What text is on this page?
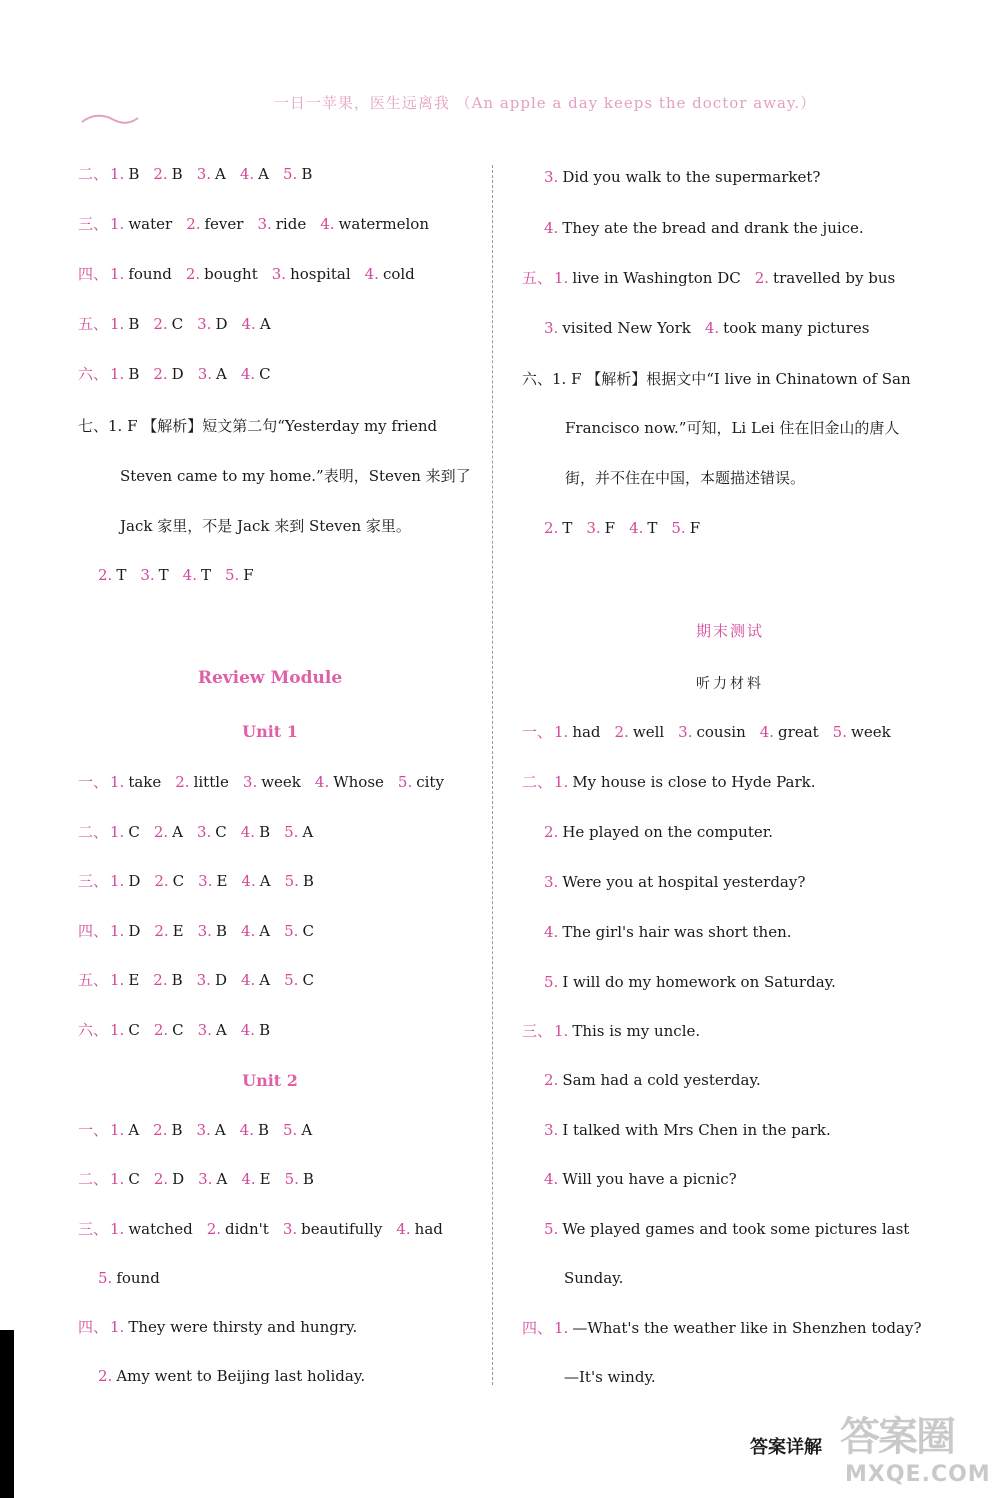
一日一苹果，医生远离我 （An apple a day keeps the doctor away.）
二、 1. B 2. B 3. A 4. A 5. B
三、 1. water 2. fever 3. ride 4. watermelon
四、 1. found 2. bought 3. hospital 4. cold
五、 1. B 2. C 3. D 4. A
六、 1. B 2. D 3. A 4. C
七、1. F 【解析】短文第二句“Yesterday my friend
Steven came to my home.”表明，Steven 来到了
Jack 家里，不是 Jack 来到 Steven 家里。
2. T 3. T 4. T 5. F
一、 1. take 2. little 3. week 4. Whose 5. city
二、 1. C 2. A 3. C 4. B 5. A
三、 1. D 2. C 3. E 4. A 5. B
四、 1. D 2. E 3. B 4. A 5. C
五、 1. E 2. B 3. D 4. A 5. C
六、 1. C 2. C 3. A 4. B
一、 1. A 2. B 3. A 4. B 5. A
二、 1. C 2. D 3. A 4. E 5. B
三、 1. watched 2. didn't 3. beautifully 4. had
5. found
四、 1. They were thirsty and hungry.
2. Amy went to Beijing last holiday.
3. Did you walk to the supermarket?
4. They ate the bread and drank the juice.
五、 1. live in Washington DC 2. travelled by bus
3. visited New York 4. took many pictures
六、1. F 【解析】根据文中“I live in Chinatown of San
Francisco now.”可知，Li Lei 住在旧金山的唐人
街，并不住在中国，本题描述错误。
2. T 3. F 4. T 5. F
一、 1. had 2. well 3. cousin 4. great 5. week
二、 1. My house is close to Hyde Park.
2. He played on the computer.
3. Were you at hospital yesterday?
4. The girl's hair was short then.
5. I will do my homework on Saturday.
三、 1. This is my uncle.
2. Sam had a cold yesterday.
3. I talked with Mrs Chen in the park.
4. Will you have a picnic?
5. We played games and took some pictures last
Sunday.
四、 1. —What's the weather like in Shenzhen today?
—It's windy.
Review Module
Unit 1
Unit 2
期末测试
听力材料
答案详解 答案圈
MXQE.COM
